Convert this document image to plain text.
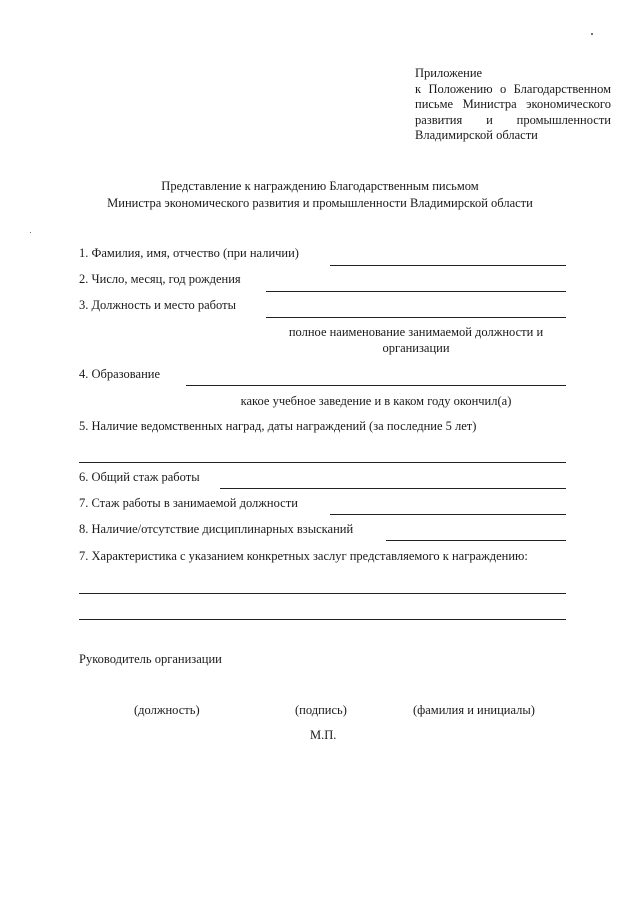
Приложение
к Положению о Благодарственном
письме Министра экономического
развития и промышленности
Владимирской области
Представление к награждению Благодарственным письмом
Министра экономического развития и промышленности Владимирской области
1. Фамилия, имя, отчество (при наличии)
2. Число, месяц, год рождения
3. Должность и место работы
полное наименование занимаемой должности и
организации
4. Образование
какое учебное заведение и в каком году окончил(а)
5. Наличие ведомственных наград, даты награждений (за последние 5 лет)
6. Общий стаж работы
7. Стаж работы в занимаемой должности
8. Наличие/отсутствие дисциплинарных взысканий
7. Характеристика с указанием конкретных заслуг представляемого к награждению:
Руководитель организации
(должность)	(подпись)	(фамилия и инициалы)
М.П.
